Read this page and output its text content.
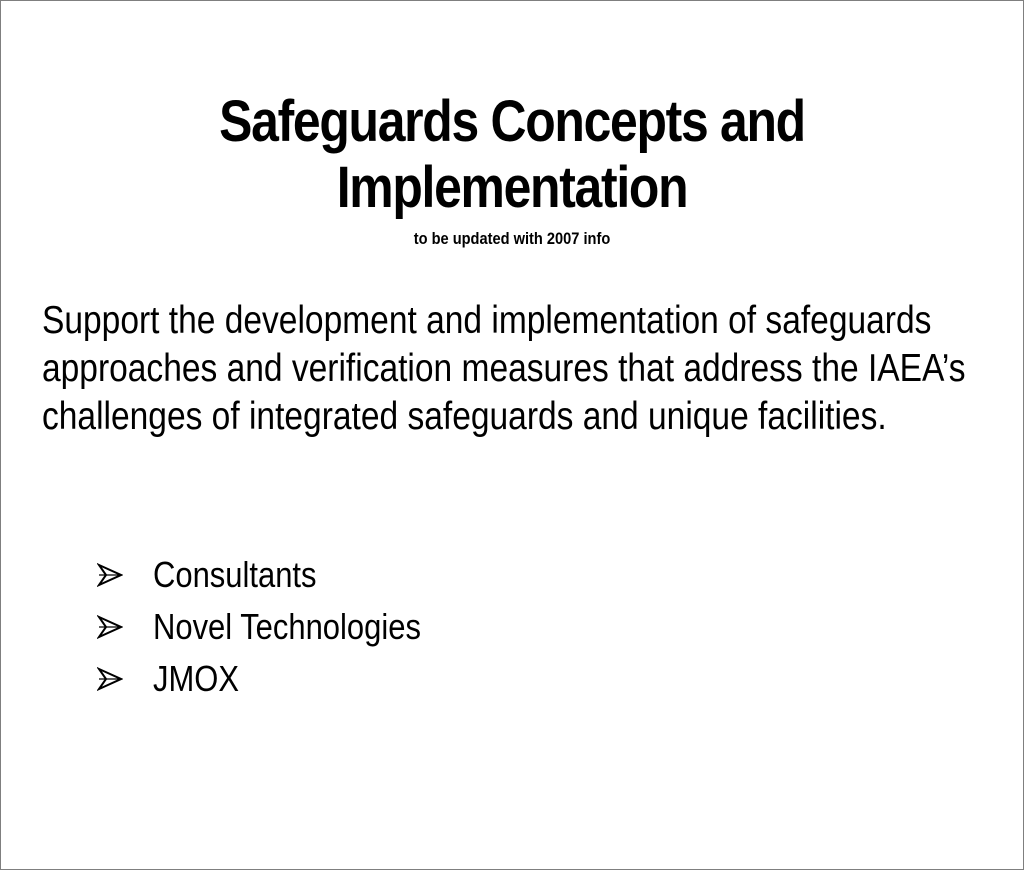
Safeguards Concepts and
Implementation
to be updated with 2007 info

Support the development and implementation of safeguards approaches and verification measures that address the IAEA’s challenges of integrated safeguards and unique facilities.

Consultants
Novel Technologies
JMOX
